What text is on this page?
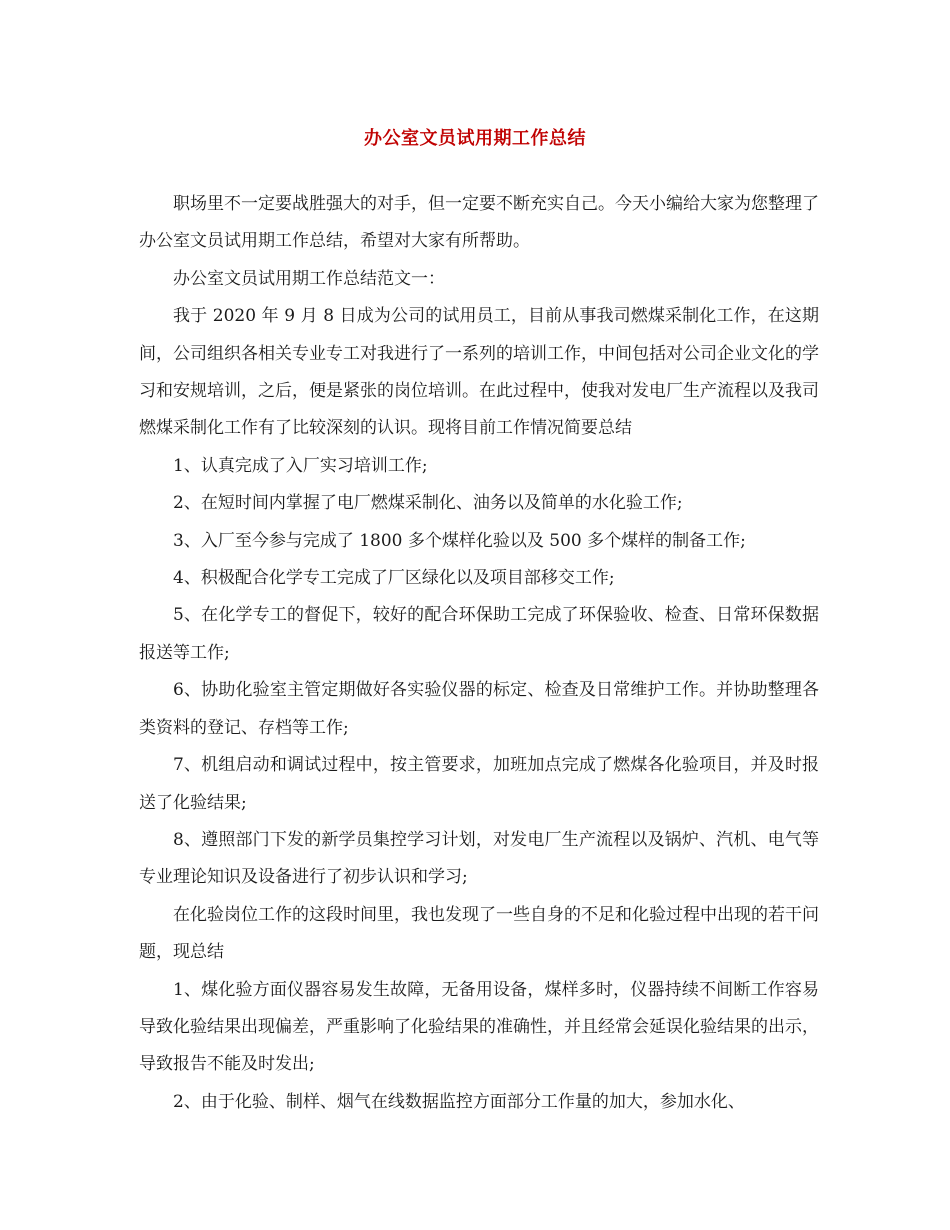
办公室文员试用期工作总结

职场里不一定要战胜强大的对手，但一定要不断充实自己。今天小编给大家为您整理了办公室文员试用期工作总结，希望对大家有所帮助。

办公室文员试用期工作总结范文一：

我于 2020 年 9 月 8 日成为公司的试用员工，目前从事我司燃煤采制化工作，在这期间，公司组织各相关专业专工对我进行了一系列的培训工作，中间包括对公司企业文化的学习和安规培训，之后，便是紧张的岗位培训。在此过程中，使我对发电厂生产流程以及我司燃煤采制化工作有了比较深刻的认识。现将目前工作情况简要总结

1、认真完成了入厂实习培训工作;

2、在短时间内掌握了电厂燃煤采制化、油务以及简单的水化验工作;

3、入厂至今参与完成了 1800 多个煤样化验以及 500 多个煤样的制备工作;

4、积极配合化学专工完成了厂区绿化以及项目部移交工作;

5、在化学专工的督促下，较好的配合环保助工完成了环保验收、检查、日常环保数据报送等工作;

6、协助化验室主管定期做好各实验仪器的标定、检查及日常维护工作。并协助整理各类资料的登记、存档等工作;

7、机组启动和调试过程中，按主管要求，加班加点完成了燃煤各化验项目，并及时报送了化验结果;

8、遵照部门下发的新学员集控学习计划，对发电厂生产流程以及锅炉、汽机、电气等专业理论知识及设备进行了初步认识和学习;

在化验岗位工作的这段时间里，我也发现了一些自身的不足和化验过程中出现的若干问题，现总结

1、煤化验方面仪器容易发生故障，无备用设备，煤样多时，仪器持续不间断工作容易导致化验结果出现偏差，严重影响了化验结果的准确性，并且经常会延误化验结果的出示，导致报告不能及时发出;

2、由于化验、制样、烟气在线数据监控方面部分工作量的加大，参加水化、
